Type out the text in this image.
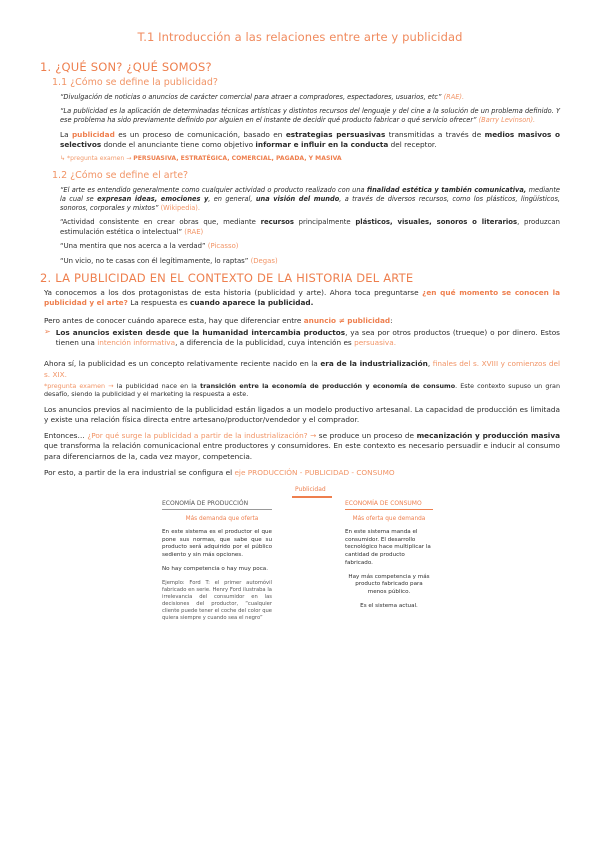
T.1 Introducción a las relaciones entre arte y publicidad
1. ¿QUÉ SON? ¿QUÉ SOMOS?
1.1 ¿Cómo se define la publicidad?

“Divulgación de noticias o anuncios de carácter comercial para atraer a compradores, espectadores, usuarios, etc” (RAE).

“La publicidad es la aplicación de determinadas técnicas artísticas y distintos recursos del lenguaje y del cine a la solución de un problema definido. Y ese problema ha sido previamente definido por alguien en el instante de decidir qué producto fabricar o qué servicio ofrecer” (Barry Levinson).

La publicidad es un proceso de comunicación, basado en estrategias persuasivas transmitidas a través de medios masivos o selectivos donde el anunciante tiene como objetivo informar e influir en la conducta del receptor.

↳ *pregunta examen → PERSUASIVA, ESTRATÉGICA, COMERCIAL, PAGADA, Y MASIVA

1.2 ¿Cómo se define el arte?

“El arte es entendido generalmente como cualquier actividad o producto realizado con una finalidad estética y también comunicativa, mediante la cual se expresan ideas, emociones y, en general, una visión del mundo, a través de diversos recursos, como los plásticos, lingüísticos, sonoros, corporales y mixtos” (Wikipedia).

“Actividad consistente en crear obras que, mediante recursos principalmente plásticos, visuales, sonoros o literarios, produzcan estimulación estética o intelectual” (RAE)

“Una mentira que nos acerca a la verdad” (Picasso)

“Un vicio, no te casas con él legítimamente, lo raptas” (Degas)

2. LA PUBLICIDAD EN EL CONTEXTO DE LA HISTORIA DEL ARTE

Ya conocemos a los dos protagonistas de esta historia (publicidad y arte). Ahora toca preguntarse ¿en qué momento se conocen la publicidad y el arte? La respuesta es cuando aparece la publicidad.

Pero antes de conocer cuándo aparece esta, hay que diferenciar entre anuncio ≠ publicidad:

➢ Los anuncios existen desde que la humanidad intercambia productos, ya sea por otros productos (trueque) o por dinero. Estos tienen una intención informativa, a diferencia de la publicidad, cuya intención es persuasiva.

Ahora sí, la publicidad es un concepto relativamente reciente nacido en la era de la industrialización, finales del s. XVIII y comienzos del s. XIX.

*pregunta examen → la publicidad nace en la transición entre la economía de producción y economía de consumo. Este contexto supuso un gran desafío, siendo la publicidad y el marketing la respuesta a este.

Los anuncios previos al nacimiento de la publicidad están ligados a un modelo productivo artesanal. La capacidad de producción es limitada y existe una relación física directa entre artesano/productor/vendedor y el comprador.

Entonces… ¿Por qué surge la publicidad a partir de la industrialización? → se produce un proceso de mecanización y producción masiva que transforma la relación comunicacional entre productores y consumidores. En este contexto es necesario persuadir e inducir al consumo para diferenciarnos de la, cada vez mayor, competencia.

Por esto, a partir de la era industrial se configura el eje PRODUCCIÓN - PUBLICIDAD - CONSUMO

Publicidad
ECONOMÍA DE PRODUCCIÓN
Más demanda que oferta

En este sistema es el productor el que pone sus normas, que sabe que su producto será adquirido por el público sediento y sin más opciones.

No hay competencia o hay muy poca.

Ejemplo: Ford T: el primer automóvil fabricado en serie. Henry Ford ilustraba la irrelevancia del consumidor en las decisiones del productor, “cualquier cliente puede tener el coche del color que quiera siempre y cuando sea el negro”

ECONOMÍA DE CONSUMO
Más oferta que demanda

En este sistema manda el consumidor. El desarrollo tecnológico hace multiplicar la cantidad de producto fabricado.

Hay más competencia y más producto fabricado para menos público.

Es el sistema actual.
